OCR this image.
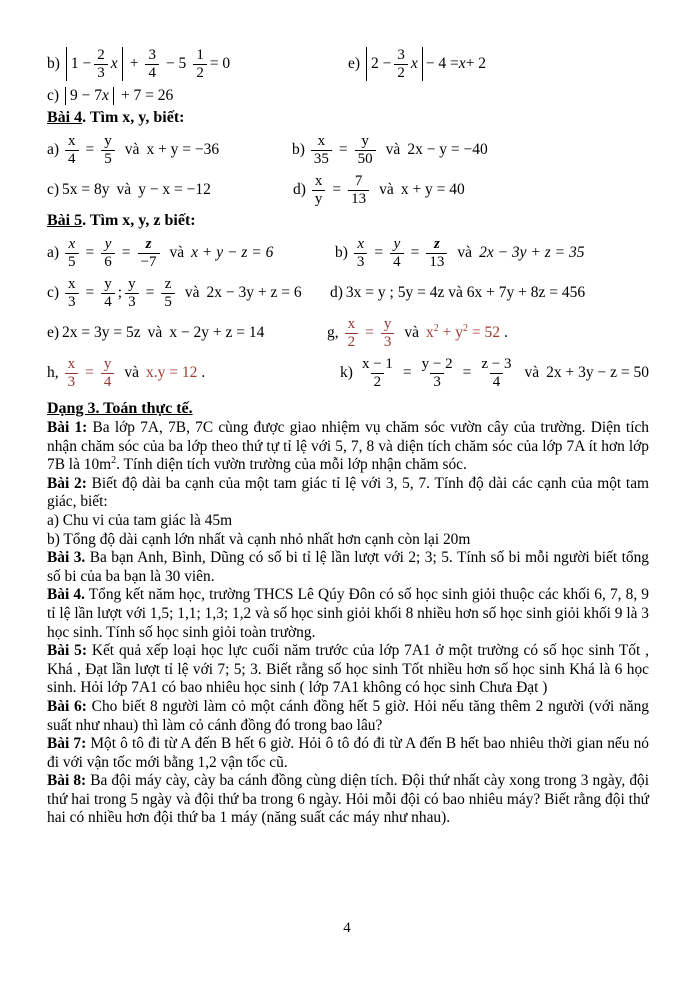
b) $1 - \frac{2}{3}$ $x + \frac{3}{4} - 5 \frac{1}{2} = 0$	e) $2 - \frac{3}{2}$ x − 4 = x + 2
c) 9 − 7 x + 7 = 26
Bài 4. Tìm x, y, biết:
$a) \frac{x}{4} = \frac{y}{5}$ và x + y = −36	$b) \frac{x}{35} = \frac{y}{50}$ và 2x − y = −40
c) 5x = 8y và y − x = −12	$d) \frac{x}{y} = \frac{7}{13}$ và x + y = 40
Bài 5. Tìm x, y, z biết:
$a) \frac{x}{5} = \frac{y}{6} = \frac{z}{-7}$ và x + y − z = 6	$b) \frac{x}{3} = \frac{y}{4} = \frac{z}{13}$ và 2x − 3y + z = 35
$c) \frac{x}{3} = \frac{y}{4}$ ; $\frac{y}{3} = \frac{z}{5}$ và 2x − 3y + z = 6 d) 3x = y ; 5y = 4z và 6x + 7y + 8z = 456
e) 2x = 3y = 5z và x − 2y + z = 14	g, $\frac{x}{2} = \frac{y}{3}$ và $x^2 + y^2 = 52$ .
h, $\frac{x}{3} = \frac{y}{4}$ và x.y = 12 .	$k) \frac{x - 1}{2} = \frac{y - 2}{3} = \frac{z - 3}{4}$ và 2x + 3y − z = 50
Dạng 3. Toán thực tế.

Bài 1: Ba lớp 7A, 7B, 7C cùng được giao nhiệm vụ chăm sóc vườn cây của trường. Diện tích nhận chăm sóc của ba lớp theo thứ tự tỉ lệ với 5, 7, 8 và diện tích chăm sóc của lớp 7A ít hơn lớp 7B là $10m^2$. Tính diện tích vườn trường của mỗi lớp nhận chăm sóc.

Bài 2: Biết độ dài ba cạnh của một tam giác tỉ lệ với 3, 5, 7. Tính độ dài các cạnh của một tam giác, biết:

a) Chu vi của tam giác là 45m

b) Tổng độ dài cạnh lớn nhất và cạnh nhỏ nhất hơn cạnh còn lại 20m

Bài 3. Ba bạn Anh, Bình, Dũng có số bi tỉ lệ lần lượt với 2; 3; 5. Tính số bi mỗi người biết tổng số bi của ba bạn là 30 viên.

Bài 4. Tổng kết năm học, trường THCS Lê Qúy Đôn có số học sinh giỏi thuộc các khối 6, 7, 8, 9 tỉ lệ lần lượt với 1,5; 1,1; 1,3; 1,2 và số học sinh giỏi khối 8 nhiều hơn số học sinh giỏi khối 9 là 3 học sinh. Tính số học sinh giỏi toàn trường.

Bài 5: Kết quả xếp loại học lực cuối năm trước của lớp 7A1 ở một trường có số học sinh Tốt , Khá , Đạt lần lượt tỉ lệ với 7; 5; 3. Biết rằng số học sinh Tốt nhiều hơn số học sinh Khá là 6 học sinh. Hỏi lớp 7A1 có bao nhiêu học sinh ( lớp 7A1 không có học sinh Chưa Đạt )

Bài 6: Cho biết 8 người làm cỏ một cánh đồng hết 5 giờ. Hỏi nếu tăng thêm 2 người (với năng suất như nhau) thì làm cỏ cánh đồng đó trong bao lâu?

Bài 7: Một ô tô đi từ A đến B hết 6 giờ. Hỏi ô tô đó đi từ A đến B hết bao nhiêu thời gian nếu nó đi với vận tốc mới bằng 1,2 vận tốc cũ.

Bài 8: Ba đội máy cày, cày ba cánh đồng cùng diện tích. Đội thứ nhất cày xong trong 3 ngày, đội thứ hai trong 5 ngày và đội thứ ba trong 6 ngày. Hỏi mỗi đội có bao nhiêu máy? Biết rằng đội thứ hai có nhiều hơn đội thứ ba 1 máy (năng suất các máy như nhau).

4
